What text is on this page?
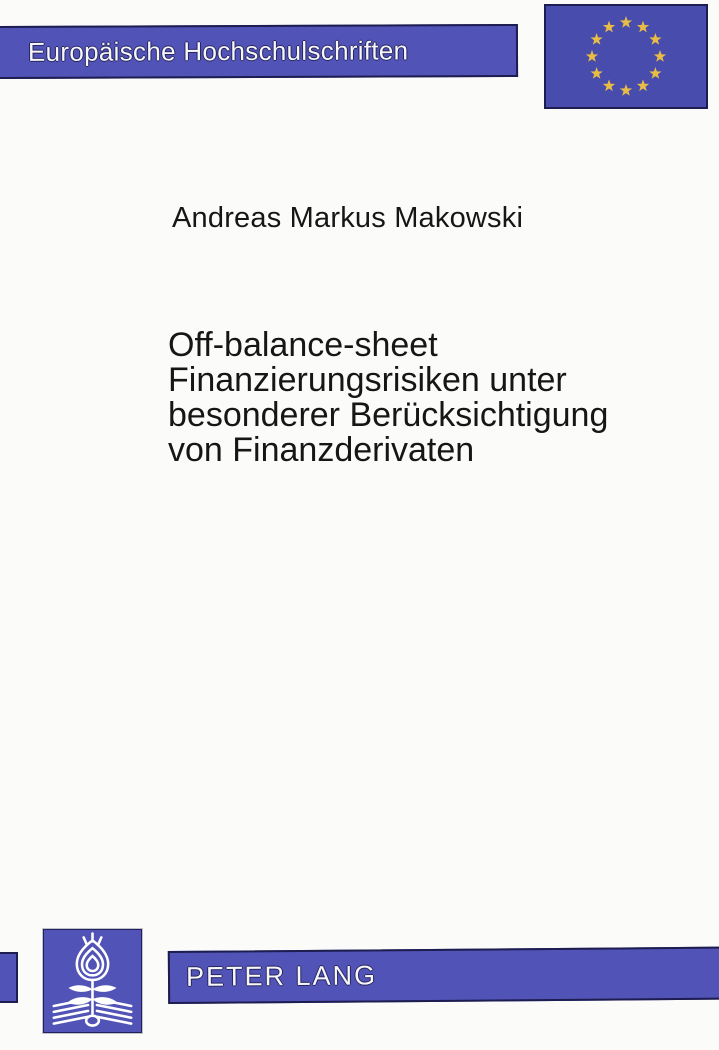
Europäische Hochschulschriften
Andreas Markus Makowski
Off-balance-sheet
Finanzierungsrisiken unter
besonderer Berücksichtigung
von Finanzderivaten
PETER LANG
